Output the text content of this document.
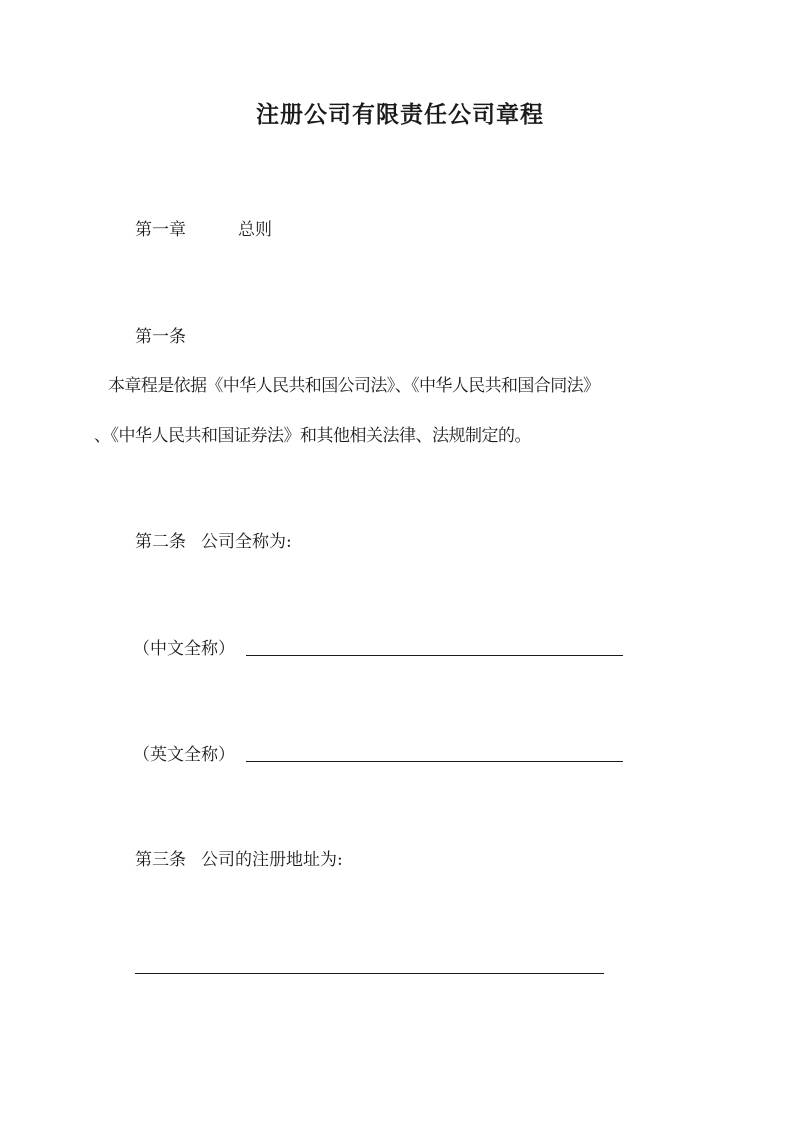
注册公司有限责任公司章程
第一章	总则
第一条
本章程是依据《中华人民共和国公司法》、《中华人民共和国合同法》
、《中华人民共和国证券法》和其他相关法律、法规制定的。
第二条 公司全称为:
（中文全称）
（英文全称）
第三条 公司的注册地址为:
